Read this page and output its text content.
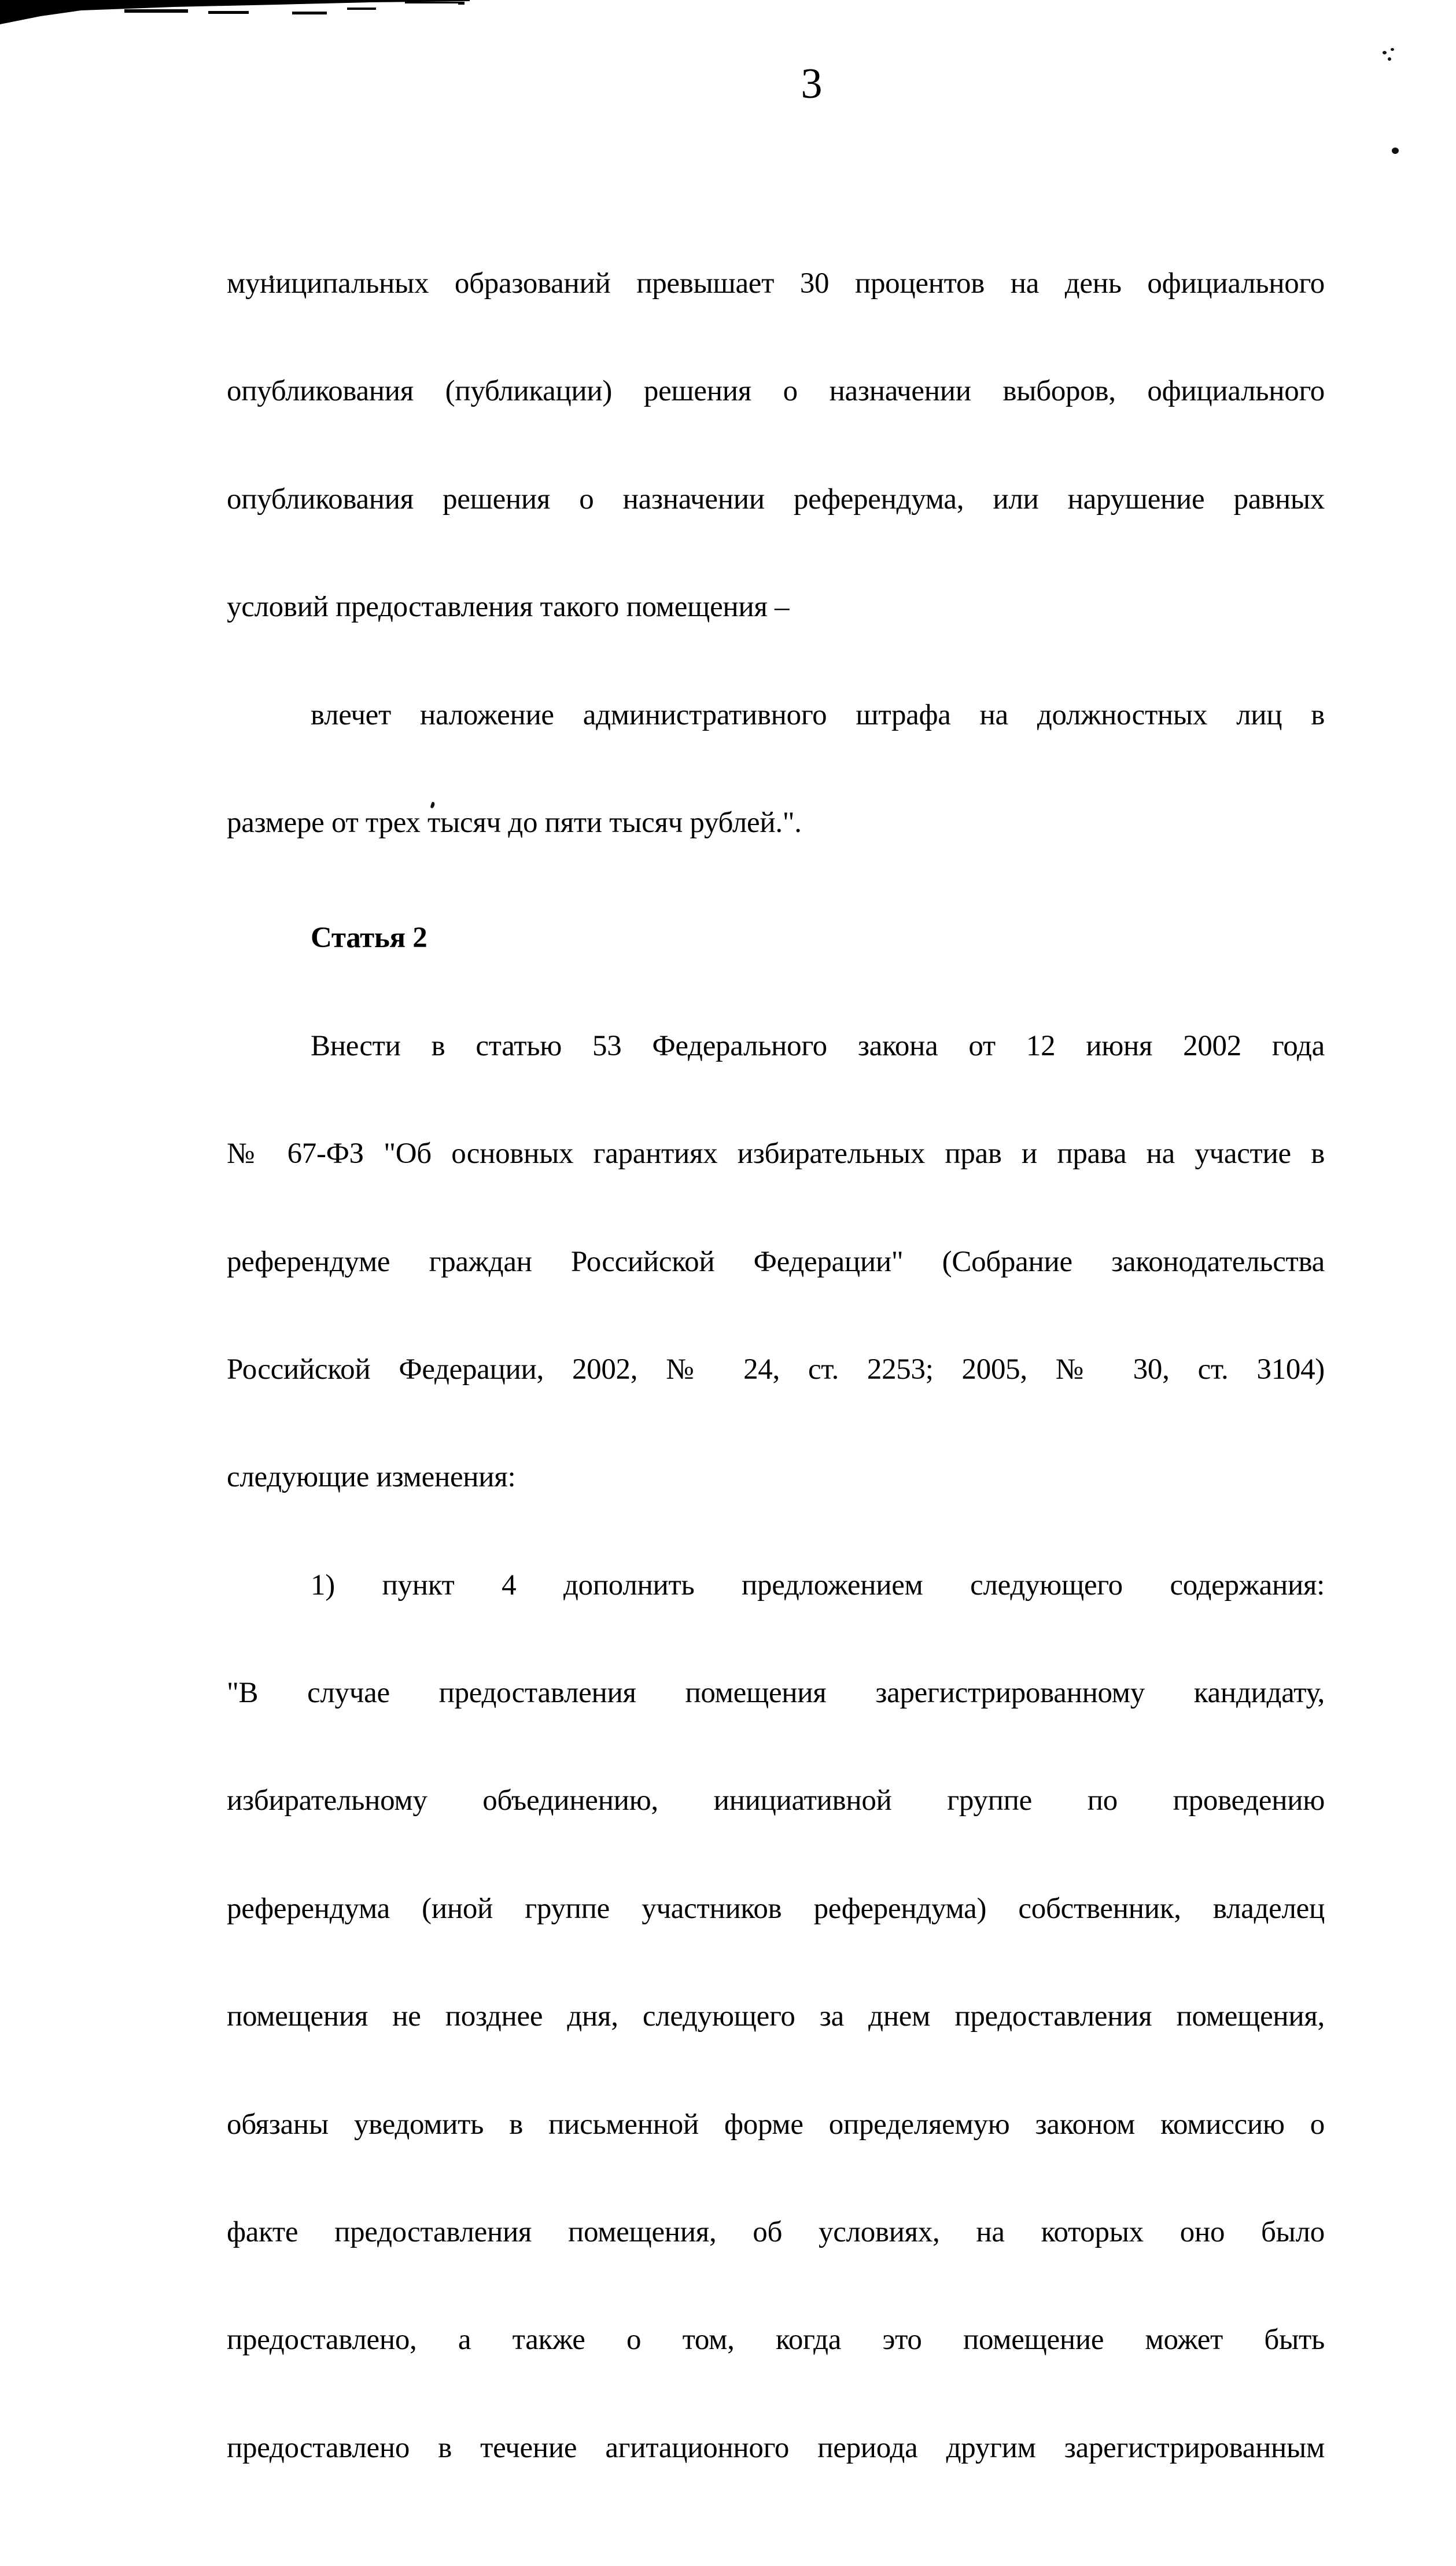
3

муниципальных образований превышает 30 процентов на день официального

опубликования (публикации) решения о назначении выборов, официального

опубликования решения о назначении референдума, или нарушение равных

условий предоставления такого помещения –

влечет наложение административного штрафа на должностных лиц в

размере от трех тысяч до пяти тысяч рублей.".

Статья 2

Внести в статью 53 Федерального закона от 12 июня 2002 года

№ 67-ФЗ "Об основных гарантиях избирательных прав и права на участие в

референдуме граждан Российской Федерации" (Собрание законодательства

Российской Федерации, 2002, № 24, ст. 2253; 2005, № 30, ст. 3104)

следующие изменения:

1) пункт 4 дополнить предложением следующего содержания:

"В случае предоставления помещения зарегистрированному кандидату,

избирательному объединению, инициативной группе по проведению

референдума (иной группе участников референдума) собственник, владелец

помещения не позднее дня, следующего за днем предоставления помещения,

обязаны уведомить в письменной форме определяемую законом комиссию о

факте предоставления помещения, об условиях, на которых оно было

предоставлено, а также о том, когда это помещение может быть

предоставлено в течение агитационного периода другим зарегистрированным
